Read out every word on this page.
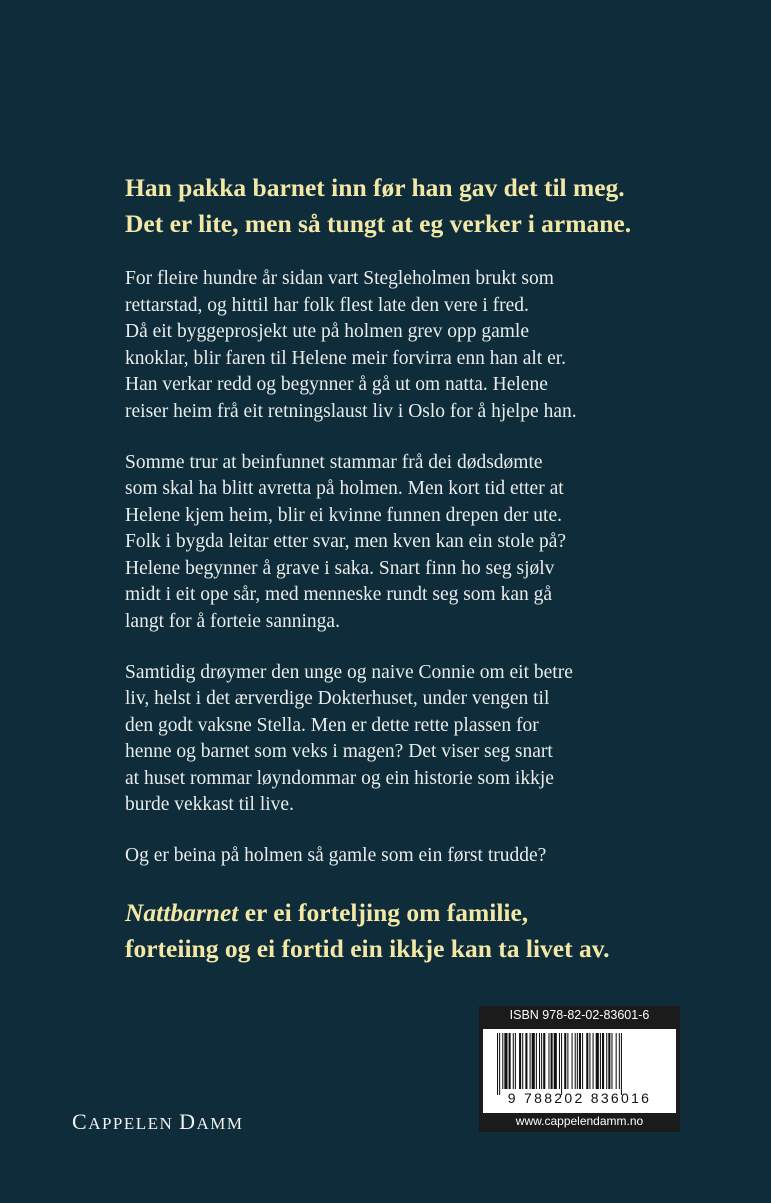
Han pakka barnet inn før han gav det til meg.
Det er lite, men så tungt at eg verker i armane.
For fleire hundre år sidan vart Stegleholmen brukt som
rettarstad, og hittil har folk flest late den vere i fred.
Då eit byggeprosjekt ute på holmen grev opp gamle
knoklar, blir faren til Helene meir forvirra enn han alt er.
Han verkar redd og begynner å gå ut om natta. Helene
reiser heim frå eit retningslaust liv i Oslo for å hjelpe han.
Somme trur at beinfunnet stammar frå dei dødsdømte
som skal ha blitt avretta på holmen. Men kort tid etter at
Helene kjem heim, blir ei kvinne funnen drepen der ute.
Folk i bygda leitar etter svar, men kven kan ein stole på?
Helene begynner å grave i saka. Snart finn ho seg sjølv
midt i eit ope sår, med menneske rundt seg som kan gå
langt for å forteie sanninga.
Samtidig drøymer den unge og naive Connie om eit betre
liv, helst i det ærverdige Dokterhuset, under vengen til
den godt vaksne Stella. Men er dette rette plassen for
henne og barnet som veks i magen? Det viser seg snart
at huset rommar løyndommar og ein historie som ikkje
burde vekkast til live.
Og er beina på holmen så gamle som ein først trudde?
Nattbarnet er ei forteljing om familie,
forteiing og ei fortid ein ikkje kan ta livet av.
CAPPELEN DAMM
ISBN 978-82-02-83601-6
9 788202 836016
www.cappelendamm.no
